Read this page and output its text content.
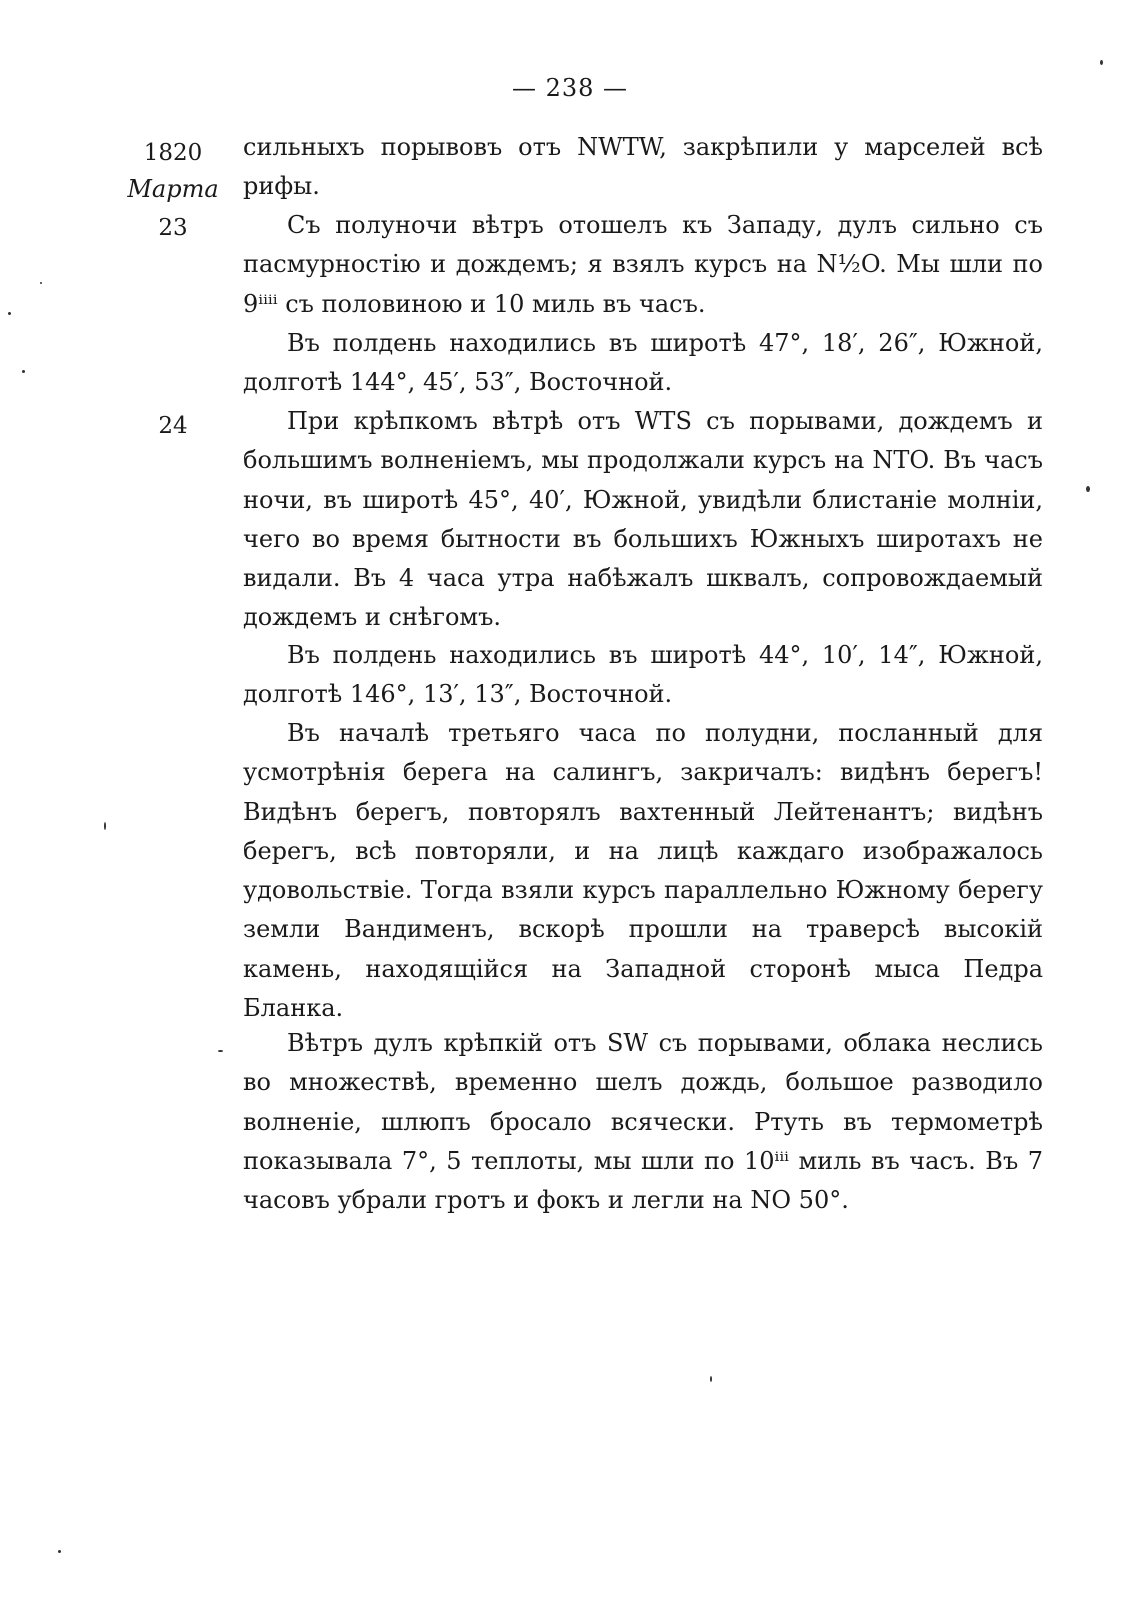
— 238 —
1820
Марта
23
24

сильныхъ порывовъ отъ NWTW, закрѣпили у марселей всѣ рифы.

Съ полуночи вѣтръ отошелъ къ Западу, дулъ сильно съ пасмурностію и дождемъ; я взялъ курсъ на N½O. Мы шли по 9ⁱⁱⁱⁱ съ половиною и 10 миль въ часъ.

Въ полдень находились въ широтѣ 47°, 18′, 26″, Южной, долготѣ 144°, 45′, 53″, Восточной.

При крѣпкомъ вѣтрѣ отъ WTS съ порывами, дождемъ и большимъ волненіемъ, мы продолжали курсъ на NTO. Въ часъ ночи, въ широтѣ 45°, 40′, Южной, увидѣли блистаніе молніи, чего во время бытности въ большихъ Южныхъ широтахъ не видали. Въ 4 часа утра набѣжалъ шквалъ, сопровождаемый дождемъ и снѣгомъ.

Въ полдень находились въ широтѣ 44°, 10′, 14″, Южной, долготѣ 146°, 13′, 13″, Восточной.

Въ началѣ третьяго часа по полудни, посланный для усмотрѣнія берега на салингъ, закричалъ: видѣнъ берегъ! Видѣнъ берегъ, повторялъ вахтенный Лейтенантъ; видѣнъ берегъ, всѣ повторяли, и на лицѣ каждаго изображалось удовольствіе. Тогда взяли курсъ параллельно Южному берегу земли Вандименъ, вскорѣ прошли на траверсѣ высокій камень, находящійся на Западной сторонѣ мыса Педра Бланка.

Вѣтръ дулъ крѣпкій отъ SW съ порывами, облака неслись во множествѣ, временно шелъ дождь, большое разводило волненіе, шлюпъ бросало всячески. Ртуть въ термометрѣ показывала 7°, 5 теплоты, мы шли по 10ⁱⁱⁱ миль въ часъ. Въ 7 часовъ убрали гротъ и фокъ и легли на NO 50°.
